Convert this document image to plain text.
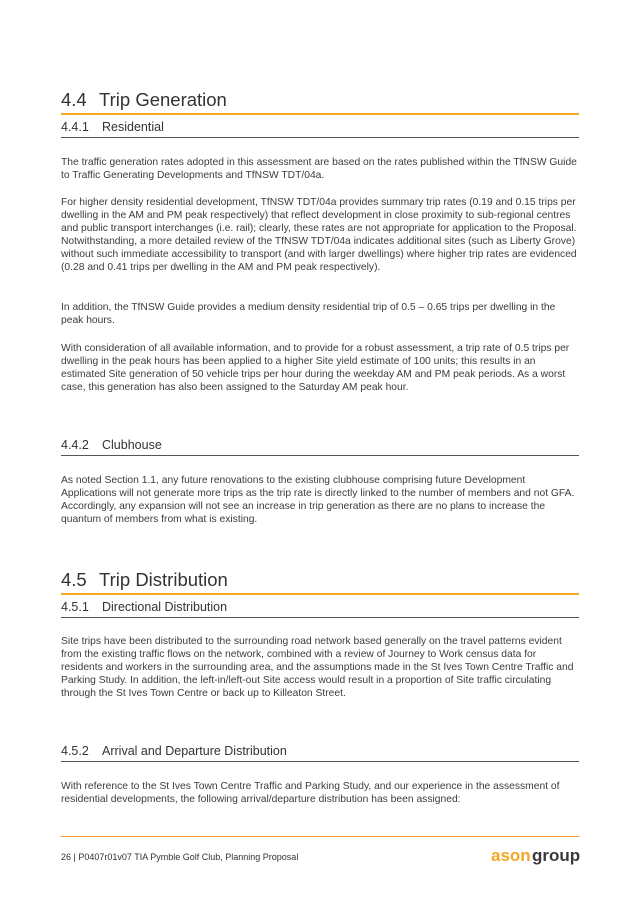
4.4 Trip Generation
4.4.1 Residential

The traffic generation rates adopted in this assessment are based on the rates published within the TfNSW Guide to Traffic Generating Developments and TfNSW TDT/04a.

For higher density residential development, TfNSW TDT/04a provides summary trip rates (0.19 and 0.15 trips per dwelling in the AM and PM peak respectively) that reflect development in close proximity to sub-regional centres and public transport interchanges (i.e. rail); clearly, these rates are not appropriate for application to the Proposal. Notwithstanding, a more detailed review of the TfNSW TDT/04a indicates additional sites (such as Liberty Grove) without such immediate accessibility to transport (and with larger dwellings) where higher trip rates are evidenced (0.28 and 0.41 trips per dwelling in the AM and PM peak respectively).

In addition, the TfNSW Guide provides a medium density residential trip of 0.5 – 0.65 trips per dwelling in the peak hours.

With consideration of all available information, and to provide for a robust assessment, a trip rate of 0.5 trips per dwelling in the peak hours has been applied to a higher Site yield estimate of 100 units; this results in an estimated Site generation of 50 vehicle trips per hour during the weekday AM and PM peak periods. As a worst case, this generation has also been assigned to the Saturday AM peak hour.

4.4.2 Clubhouse

As noted Section 1.1, any future renovations to the existing clubhouse comprising future Development Applications will not generate more trips as the trip rate is directly linked to the number of members and not GFA. Accordingly, any expansion will not see an increase in trip generation as there are no plans to increase the quantum of members from what is existing.

4.5 Trip Distribution
4.5.1 Directional Distribution

Site trips have been distributed to the surrounding road network based generally on the travel patterns evident from the existing traffic flows on the network, combined with a review of Journey to Work census data for residents and workers in the surrounding area, and the assumptions made in the St Ives Town Centre Traffic and Parking Study. In addition, the left-in/left-out Site access would result in a proportion of Site traffic circulating through the St Ives Town Centre or back up to Killeaton Street.

4.5.2 Arrival and Departure Distribution

With reference to the St Ives Town Centre Traffic and Parking Study, and our experience in the assessment of residential developments, the following arrival/departure distribution has been assigned:

26 | P0407r01v07 TIA Pymble Golf Club, Planning Proposal	ason group
